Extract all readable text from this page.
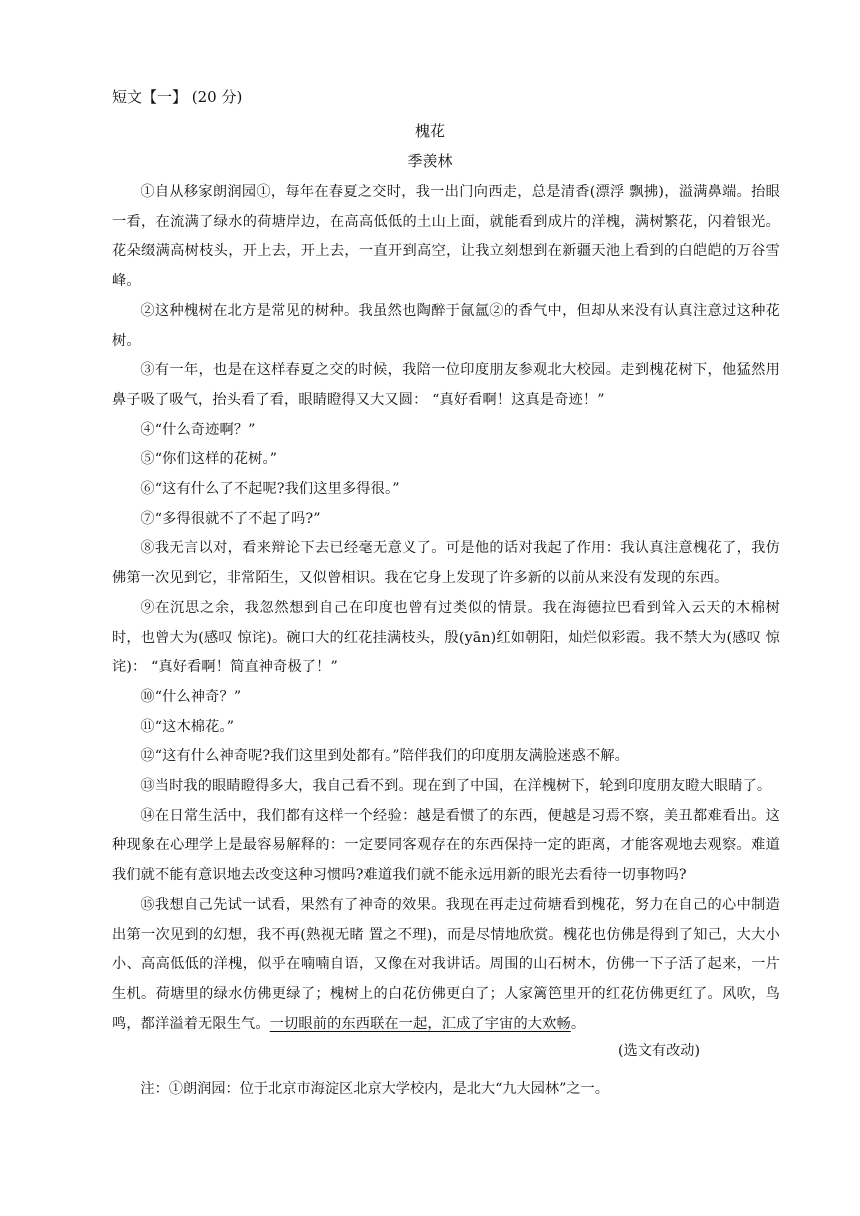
短文【一】 (20 分)
槐花
季羡林

①自从移家朗润园①，每年在春夏之交时，我一出门向西走，总是清香(漂浮 飘拂)，溢满鼻端。抬眼一看，在流满了绿水的荷塘岸边，在高高低低的土山上面，就能看到成片的洋槐，满树繁花，闪着银光。花朵缀满高树枝头，开上去，开上去，一直开到高空，让我立刻想到在新疆天池上看到的白皑皑的万谷雪峰。

②这种槐树在北方是常见的树种。我虽然也陶醉于氤氲②的香气中，但却从来没有认真注意过这种花树。

③有一年，也是在这样春夏之交的时候，我陪一位印度朋友参观北大校园。走到槐花树下，他猛然用鼻子吸了吸气，抬头看了看，眼睛瞪得又大又圆： “真好看啊！这真是奇迹！”

④“什么奇迹啊？”

⑤“你们这样的花树。”

⑥“这有什么了不起呢?我们这里多得很。”

⑦“多得很就不了不起了吗?”

⑧我无言以对，看来辩论下去已经毫无意义了。可是他的话对我起了作用：我认真注意槐花了，我仿佛第一次见到它，非常陌生，又似曾相识。我在它身上发现了许多新的以前从来没有发现的东西。

⑨在沉思之余，我忽然想到自己在印度也曾有过类似的情景。我在海德拉巴看到耸入云天的木棉树时，也曾大为(感叹 惊诧)。碗口大的红花挂满枝头，殷(yān)红如朝阳，灿烂似彩霞。我不禁大为(感叹 惊诧)： “真好看啊！简直神奇极了！”

⑩“什么神奇？”

⑪“这木棉花。”

⑫“这有什么神奇呢?我们这里到处都有。”陪伴我们的印度朋友满脸迷惑不解。

⑬当时我的眼睛瞪得多大，我自己看不到。现在到了中国，在洋槐树下，轮到印度朋友瞪大眼睛了。

⑭在日常生活中，我们都有这样一个经验：越是看惯了的东西，便越是习焉不察，美丑都难看出。这种现象在心理学上是最容易解释的：一定要同客观存在的东西保持一定的距离，才能客观地去观察。难道我们就不能有意识地去改变这种习惯吗?难道我们就不能永远用新的眼光去看待一切事物吗?

⑮我想自己先试一试看，果然有了神奇的效果。我现在再走过荷塘看到槐花，努力在自己的心中制造出第一次见到的幻想，我不再(熟视无睹 置之不理)，而是尽情地欣赏。槐花也仿佛是得到了知己，大大小小、高高低低的洋槐，似乎在喃喃自语，又像在对我讲话。周围的山石树木，仿佛一下子活了起来，一片生机。荷塘里的绿水仿佛更绿了；槐树上的白花仿佛更白了；人家篱笆里开的红花仿佛更红了。风吹，鸟鸣，都洋溢着无限生气。一切眼前的东西联在一起，汇成了宇宙的大欢畅。

(选文有改动)
注：①朗润园：位于北京市海淀区北京大学校内，是北大“九大园林”之一。
